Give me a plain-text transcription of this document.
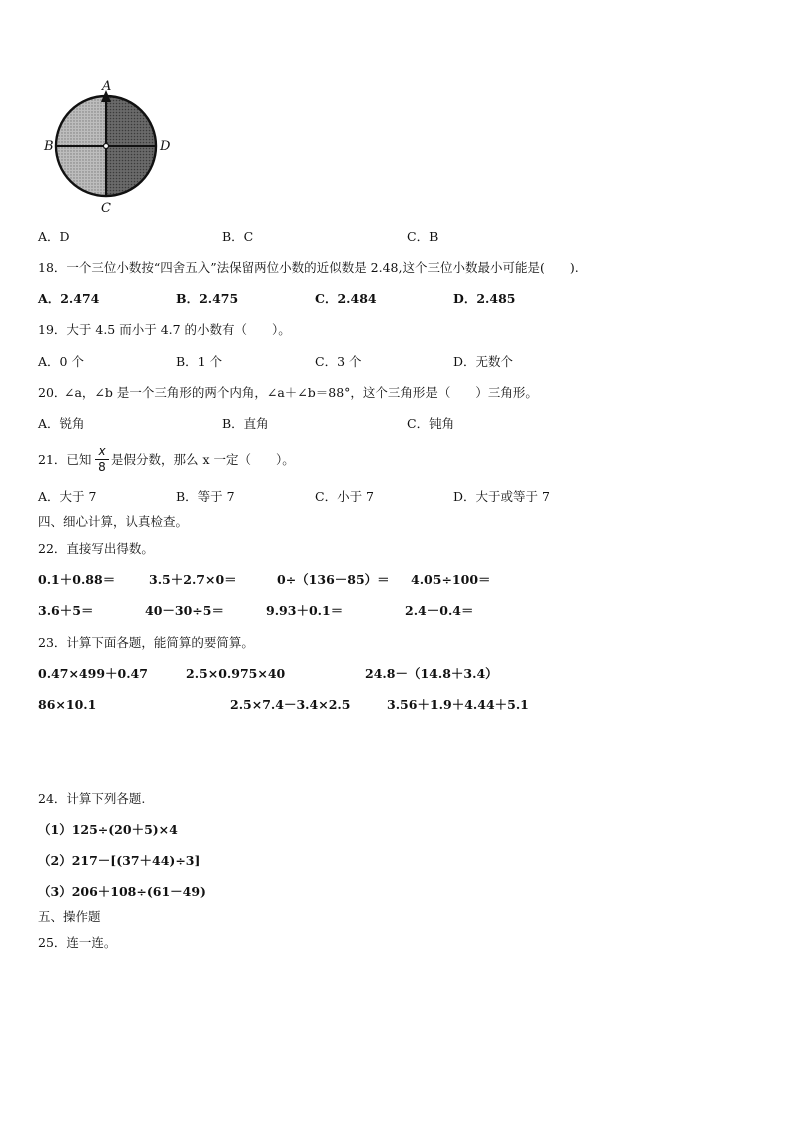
A
B	D
C
A．D	B．C	C．B
18．一个三位小数按“四舍五入”法保留两位小数的近似数是 2.48,这个三位小数最小可能是(　　).
A．2.474	B．2.475	C．2.484	D．2.485
19．大于 4.5 而小于 4.7 的小数有（　　）。
A．0 个	B．1 个	C．3 个	D．无数个
20．
∠a，∠b 是一个三角形的两个内角，∠a＋∠b＝88°，这个三角形是（　　）三角形。
A．锐角	B．直角	C．钝角
21．已知
x
8 是假分数，那么 x 一定（　　）。
A．大于 7	B．等于 7	C．小于 7	D．大于或等于 7
四、细心计算，认真检查。
22．直接写出得数。
0.1＋0.88＝	3.5＋2.7×0＝	0÷（136－85）＝ 4.05÷100＝
3.6＋5＝	40－30÷5＝	9.93＋0.1＝	2.4－0.4＝
23．计算下面各题，能简算的要简算。
0.47×499＋0.47	2.5×0.975×40	24.8－（14.8＋3.4）
86×10.1	2.5×7.4－3.4×2.5	3.56＋1.9＋4.44＋5.1
24．计算下列各题.
（1）125÷(20＋5)×4
（2）217－[(37＋44)÷3]
（3）206＋108÷(61－49)
五、操作题
25．连一连。
